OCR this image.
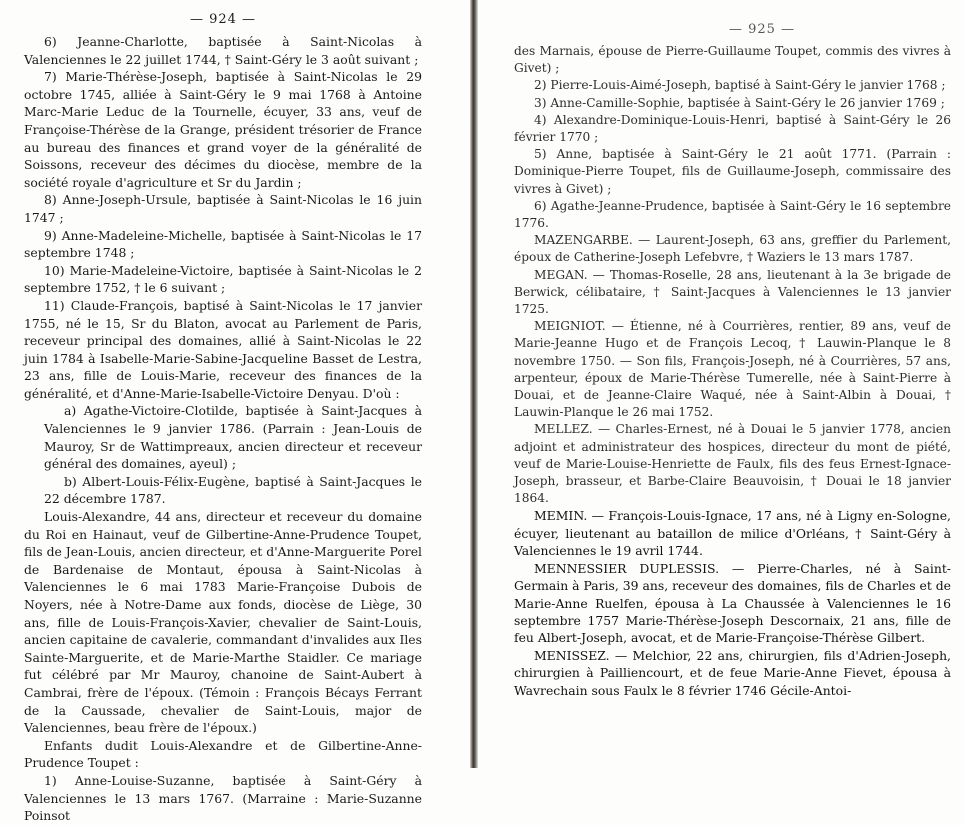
— 924 —

6) Jeanne-Charlotte, baptisée à Saint-Nicolas à Valenciennes le 22 juillet 1744, † Saint-Géry le 3 août suivant ;

7) Marie-Thérèse-Joseph, baptisée à Saint-Nicolas le 29 octobre 1745, alliée à Saint-Géry le 9 mai 1768 à Antoine Marc-Marie Leduc de la Tournelle, écuyer, 33 ans, veuf de Françoise-Thérèse de la Grange, président trésorier de France au bureau des finances et grand voyer de la généralité de Soissons, receveur des décimes du diocèse, membre de la société royale d'agriculture et Sr du Jardin ;

8) Anne-Joseph-Ursule, baptisée à Saint-Nicolas le 16 juin 1747 ;

9) Anne-Madeleine-Michelle, baptisée à Saint-Nicolas le 17 septembre 1748 ;

10) Marie-Madeleine-Victoire, baptisée à Saint-Nicolas le 2 septembre 1752, † le 6 suivant ;

11) Claude-François, baptisé à Saint-Nicolas le 17 janvier 1755, né le 15, Sr du Blaton, avocat au Parlement de Paris, receveur principal des domaines, allié à Saint-Nicolas le 22 juin 1784 à Isabelle-Marie-Sabine-Jacqueline Basset de Lestra, 23 ans, fille de Louis-Marie, receveur des finances de la généralité, et d'Anne-Marie-Isabelle-Victoire Denyau. D'où :

a) Agathe-Victoire-Clotilde, baptisée à Saint-Jacques à Valenciennes le 9 janvier 1786. (Parrain : Jean-Louis de Mauroy, Sr de Wattimpreaux, ancien directeur et receveur général des domaines, ayeul) ;

b) Albert-Louis-Félix-Eugène, baptisé à Saint-Jacques le 22 décembre 1787.

Louis-Alexandre, 44 ans, directeur et receveur du domaine du Roi en Hainaut, veuf de Gilbertine-Anne-Prudence Toupet, fils de Jean-Louis, ancien directeur, et d'Anne-Marguerite Porel de Bardenaise de Montaut, épousa à Saint-Nicolas à Valenciennes le 6 mai 1783 Marie-Françoise Dubois de Noyers, née à Notre-Dame aux fonds, diocèse de Liège, 30 ans, fille de Louis-François-Xavier, chevalier de Saint-Louis, ancien capitaine de cavalerie, commandant d'invalides aux Iles Sainte-Marguerite, et de Marie-Marthe Staidler. Ce mariage fut célébré par Mr Mauroy, chanoine de Saint-Aubert à Cambrai, frère de l'époux. (Témoin : François Bécays Ferrant de la Caussade, chevalier de Saint-Louis, major de Valenciennes, beau frère de l'époux.)

Enfants dudit Louis-Alexandre et de Gilbertine-Anne-Prudence Toupet :

1) Anne-Louise-Suzanne, baptisée à Saint-Géry à Valenciennes le 13 mars 1767. (Marraine : Marie-Suzanne Poinsot

— 925 —

des Marnais, épouse de Pierre-Guillaume Toupet, commis des vivres à Givet) ;

2) Pierre-Louis-Aimé-Joseph, baptisé à Saint-Géry le janvier 1768 ;

3) Anne-Camille-Sophie, baptisée à Saint-Géry le 26 janvier 1769 ;

4) Alexandre-Dominique-Louis-Henri, baptisé à Saint-Géry le 26 février 1770 ;

5) Anne, baptisée à Saint-Géry le 21 août 1771. (Parrain : Dominique-Pierre Toupet, fils de Guillaume-Joseph, commissaire des vivres à Givet) ;

6) Agathe-Jeanne-Prudence, baptisée à Saint-Géry le 16 septembre 1776.

MAZENGARBE. — Laurent-Joseph, 63 ans, greffier du Parlement, époux de Catherine-Joseph Lefebvre, † Waziers le 13 mars 1787.

MEGAN. — Thomas-Roselle, 28 ans, lieutenant à la 3e brigade de Berwick, célibataire, † Saint-Jacques à Valenciennes le 13 janvier 1725.

MEIGNIOT. — Étienne, né à Courrières, rentier, 89 ans, veuf de Marie-Jeanne Hugo et de François Lecoq, † Lauwin-Planque le 8 novembre 1750. — Son fils, François-Joseph, né à Courrières, 57 ans, arpenteur, époux de Marie-Thérèse Tumerelle, née à Saint-Pierre à Douai, et de Jeanne-Claire Waqué, née à Saint-Albin à Douai, † Lauwin-Planque le 26 mai 1752.

MELLEZ. — Charles-Ernest, né à Douai le 5 janvier 1778, ancien adjoint et administrateur des hospices, directeur du mont de piété, veuf de Marie-Louise-Henriette de Faulx, fils des feus Ernest-Ignace-Joseph, brasseur, et Barbe-Claire Beauvoisin, † Douai le 18 janvier 1864.

MEMIN. — François-Louis-Ignace, 17 ans, né à Ligny en-Sologne, écuyer, lieutenant au bataillon de milice d'Orléans, † Saint-Géry à Valenciennes le 19 avril 1744.

MENNESSIER DUPLESSIS. — Pierre-Charles, né à Saint-Germain à Paris, 39 ans, receveur des domaines, fils de Charles et de Marie-Anne Ruelfen, épousa à La Chaussée à Valenciennes le 16 septembre 1757 Marie-Thérèse-Joseph Descornaix, 21 ans, fille de feu Albert-Joseph, avocat, et de Marie-Françoise-Thérèse Gilbert.

MENISSEZ. — Melchior, 22 ans, chirurgien, fils d'Adrien-Joseph, chirurgien à Pailliencourt, et de feue Marie-Anne Fievet, épousa à Wavrechain sous Faulx le 8 février 1746 Gécile-Antoi-
